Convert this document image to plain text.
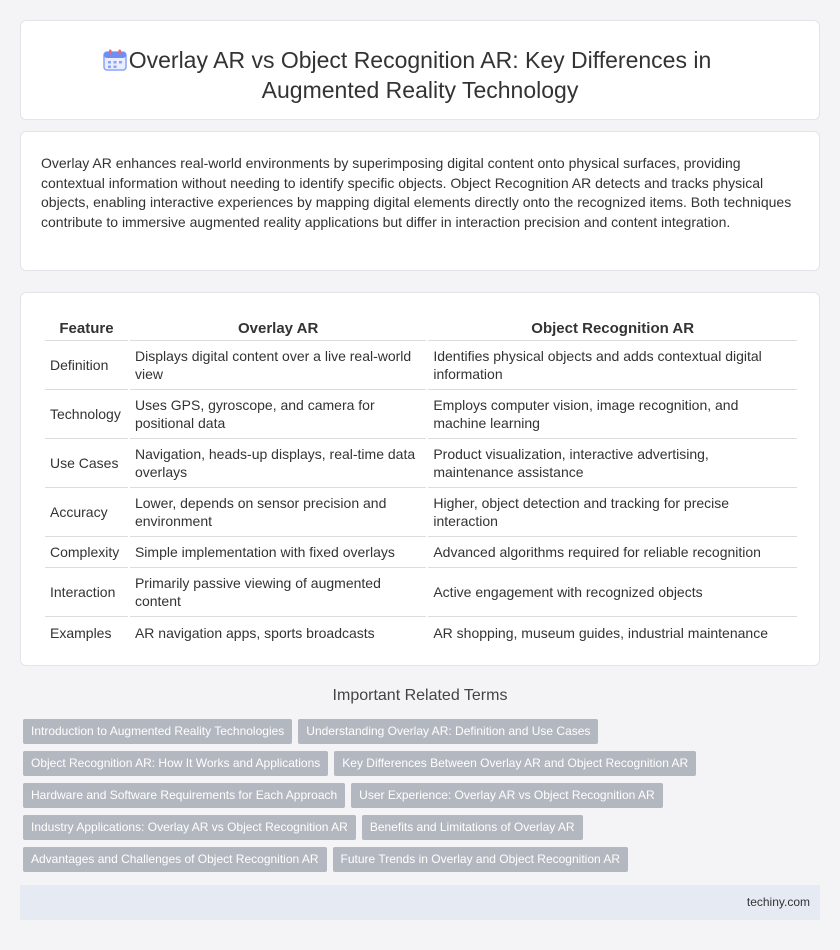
Overlay AR vs Object Recognition AR: Key Differences in Augmented Reality Technology

Overlay AR enhances real-world environments by superimposing digital content onto physical surfaces, providing contextual information without needing to identify specific objects. Object Recognition AR detects and tracks physical objects, enabling interactive experiences by mapping digital elements directly onto the recognized items. Both techniques contribute to immersive augmented reality applications but differ in interaction precision and content integration.

Feature	Overlay AR	Object Recognition AR
Definition	Displays digital content over a live real-world view	Identifies physical objects and adds contextual digital information
Technology	Uses GPS, gyroscope, and camera for positional data	Employs computer vision, image recognition, and machine learning
Use Cases	Navigation, heads-up displays, real-time data overlays	Product visualization, interactive advertising, maintenance assistance
Accuracy	Lower, depends on sensor precision and environment	Higher, object detection and tracking for precise interaction
Complexity	Simple implementation with fixed overlays	Advanced algorithms required for reliable recognition
Interaction	Primarily passive viewing of augmented content	Active engagement with recognized objects
Examples	AR navigation apps, sports broadcasts	AR shopping, museum guides, industrial maintenance
Important Related Terms
Introduction to Augmented Reality Technologies Understanding Overlay AR: Definition and Use Cases
Object Recognition AR: How It Works and Applications Key Differences Between Overlay AR and Object Recognition AR
Hardware and Software Requirements for Each Approach User Experience: Overlay AR vs Object Recognition AR
Industry Applications: Overlay AR vs Object Recognition AR Benefits and Limitations of Overlay AR
Advantages and Challenges of Object Recognition AR Future Trends in Overlay and Object Recognition AR
techiny.com
